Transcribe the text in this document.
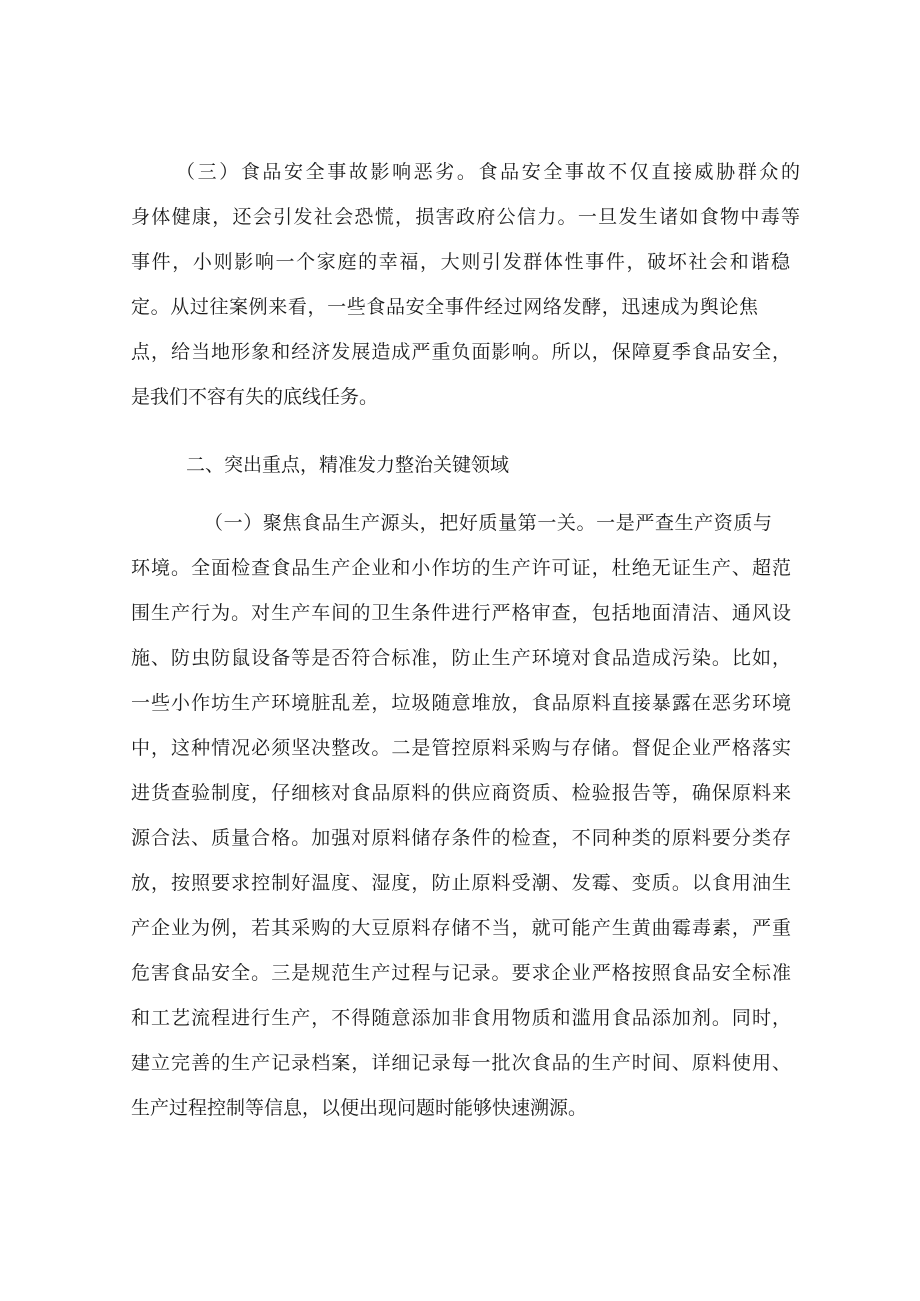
（三）食品安全事故影响恶劣。食品安全事故不仅直接威胁群众的
身体健康，还会引发社会恐慌，损害政府公信力。一旦发生诸如食物中毒等
事件，小则影响一个家庭的幸福，大则引发群体性事件，破坏社会和谐稳
定。从过往案例来看，一些食品安全事件经过网络发酵，迅速成为舆论焦
点，给当地形象和经济发展造成严重负面影响。所以，保障夏季食品安全，
是我们不容有失的底线任务。
二、突出重点，精准发力整治关键领域
（一）聚焦食品生产源头，把好质量第一关。一是严查生产资质与
环境。全面检查食品生产企业和小作坊的生产许可证，杜绝无证生产、超范
围生产行为。对生产车间的卫生条件进行严格审查，包括地面清洁、通风设
施、防虫防鼠设备等是否符合标准，防止生产环境对食品造成污染。比如，
一些小作坊生产环境脏乱差，垃圾随意堆放，食品原料直接暴露在恶劣环境
中，这种情况必须坚决整改。二是管控原料采购与存储。督促企业严格落实
进货查验制度，仔细核对食品原料的供应商资质、检验报告等，确保原料来
源合法、质量合格。加强对原料储存条件的检查，不同种类的原料要分类存
放，按照要求控制好温度、湿度，防止原料受潮、发霉、变质。以食用油生
产企业为例，若其采购的大豆原料存储不当，就可能产生黄曲霉毒素，严重
危害食品安全。三是规范生产过程与记录。要求企业严格按照食品安全标准
和工艺流程进行生产，不得随意添加非食用物质和滥用食品添加剂。同时，
建立完善的生产记录档案，详细记录每一批次食品的生产时间、原料使用、
生产过程控制等信息，以便出现问题时能够快速溯源。
